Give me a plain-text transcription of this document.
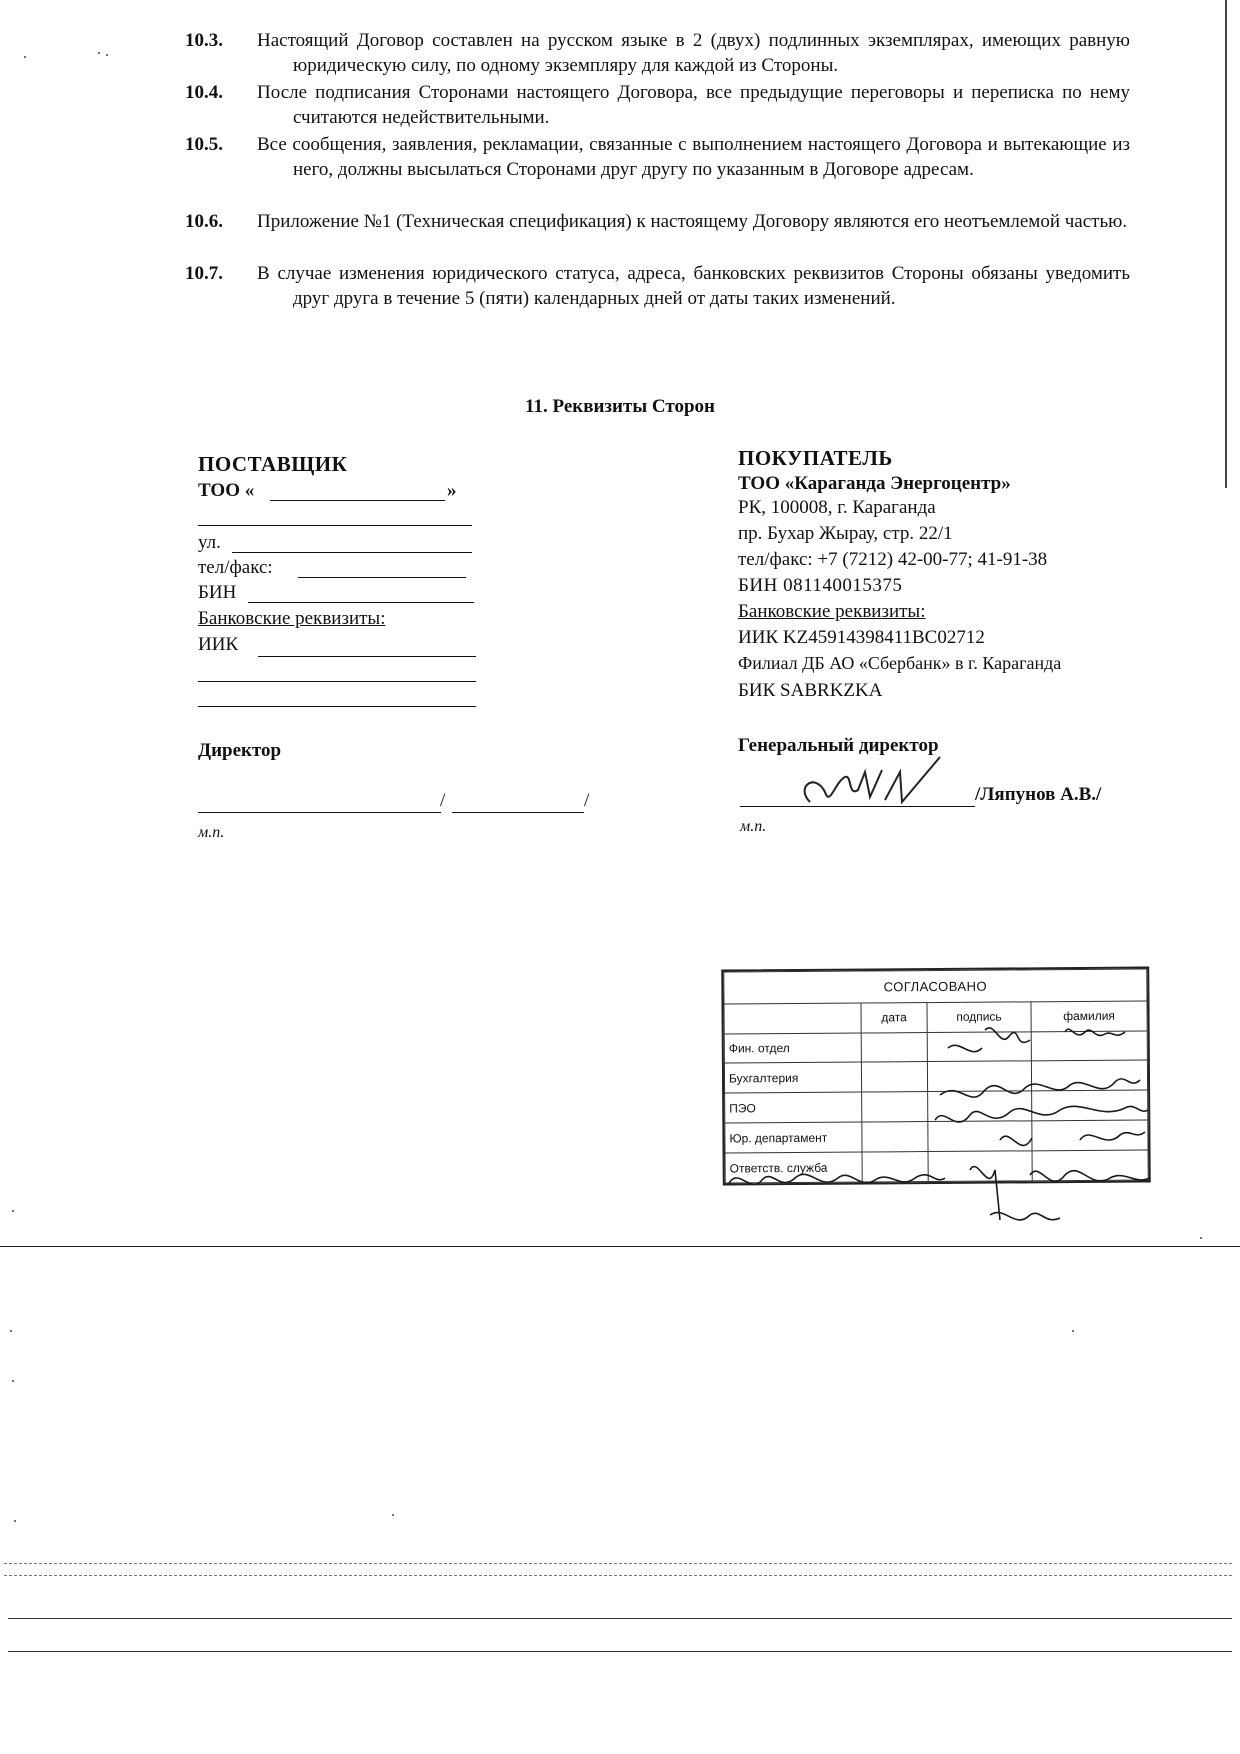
10.3.	Настоящий Договор составлен на русском языке в 2 (двух) подлинных экземплярах, имеющих равную юридическую силу, по одному экземпляру для каждой из Стороны.
10.4.	После подписания Сторонами настоящего Договора, все предыдущие переговоры и переписка по нему считаются недействительными.
10.5.	Все сообщения, заявления, рекламации, связанные с выполнением настоящего Договора и вытекающие из него, должны высылаться Сторонами друг другу по указанным в Договоре адресам.
10.6.	Приложение №1 (Техническая спецификация) к настоящему Договору являются его неотъемлемой частью.
10.7.	В случае изменения юридического статуса, адреса, банковских реквизитов Стороны обязаны уведомить друг друга в течение 5 (пяти) календарных дней от даты таких изменений.
11. Реквизиты Сторон
ПОСТАВЩИК
ТОО «	»
ул.
тел/факс:
БИН
Банковские реквизиты:
ИИК
Директор
/	/
м.п.
ПОКУПАТЕЛЬ
ТОО «Караганда Энергоцентр»
РК, 100008, г. Караганда
пр. Бухар Жырау, стр. 22/1
тел/факс: +7 (7212) 42-00-77; 41-91-38
БИН 081140015375
Банковские реквизиты:
ИИК KZ45914398411BC02712
Филиал ДБ АО «Сбербанк» в г. Караганда
БИК SABRKZKA
Генеральный директор
/Ляпунов А.В./
м.п.
СОГЛАСОВАНО			
	дата	подпись	фамилия
Фин. отдел			
Бухгалтерия			
ПЭО			
Юр. департамент			
Ответств. служба			
